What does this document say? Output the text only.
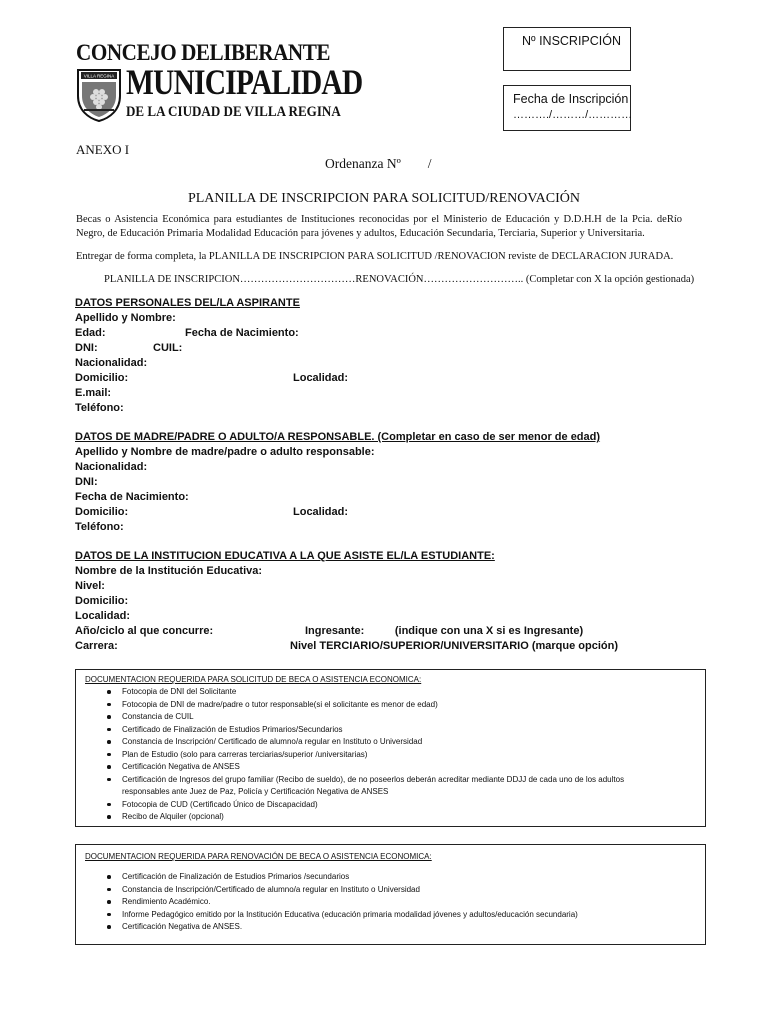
CONCEJO DELIBERANTE
VILLA REGINA MUNICIPALIDAD
DE LA CIUDAD DE VILLA REGINA
Nº INSCRIPCIÓN
Fecha de Inscripción
………./………/…………
ANEXO I
Ordenanza Nº        /
PLANILLA DE INSCRIPCION PARA SOLICITUD/RENOVACIÓN
Becas o Asistencia Económica para estudiantes de Instituciones reconocidas por el Ministerio de Educación y D.D.H.H de la Pcia. deRío Negro, de Educación Primaria Modalidad Educación para jóvenes y adultos, Educación Secundaria, Terciaria, Superior y Universitaria.
Entregar de forma completa, la PLANILLA DE INSCRIPCION PARA SOLICITUD /RENOVACION reviste de DECLARACION JURADA.
PLANILLA DE INSCRIPCION……………………………RENOVACIÓN……………………….. (Completar con X la opción gestionada)
DATOS PERSONALES DEL/LA ASPIRANTE
Apellido y Nombre:
Edad:	Fecha de Nacimiento:
DNI:	CUIL:
Nacionalidad:
Domicilio:	Localidad:
E.mail:
Teléfono:
DATOS DE MADRE/PADRE O ADULTO/A RESPONSABLE. (Completar en caso de ser menor de edad)
Apellido y Nombre de madre/padre o adulto responsable:
Nacionalidad:
DNI:
Fecha de Nacimiento:
Domicilio:	Localidad:
Teléfono:
DATOS DE LA INSTITUCION EDUCATIVA A LA QUE ASISTE EL/LA ESTUDIANTE:
Nombre de la Institución Educativa:
Nivel:
Domicilio:
Localidad:
Año/ciclo al que concurre:	Ingresante:          (indique con una X si es Ingresante)
Carrera:	Nivel TERCIARIO/SUPERIOR/UNIVERSITARIO (marque opción)
DOCUMENTACION REQUERIDA PARA SOLICITUD DE BECA O ASISTENCIA ECONOMICA:
Fotocopia de DNI del Solicitante
Fotocopia de DNI de madre/padre o tutor responsable(si el solicitante es menor de edad)
Constancia de CUIL
Certificado de Finalización de Estudios Primarios/Secundarios
Constancia de Inscripción/ Certificado de alumno/a regular en Instituto o Universidad
Plan de Estudio (solo para carreras terciarias/superior /universitarias)
Certificación Negativa de ANSES
Certificación de Ingresos del grupo familiar (Recibo de sueldo), de no poseerlos deberán acreditar mediante DDJJ de cada uno de los adultos responsables ante Juez de Paz, Policía y Certificación Negativa de ANSES
Fotocopia de CUD (Certificado Único de Discapacidad)
Recibo de Alquiler (opcional)
DOCUMENTACION REQUERIDA PARA RENOVACIÓN DE BECA O ASISTENCIA ECONOMICA:
Certificación de Finalización de Estudios Primarios /secundarios
Constancia de Inscripción/Certificado de alumno/a regular en Instituto o Universidad
Rendimiento Académico.
Informe Pedagógico emitido por la Institución Educativa (educación primaria modalidad jóvenes y adultos/educación secundaria)
Certificación Negativa de ANSES.
